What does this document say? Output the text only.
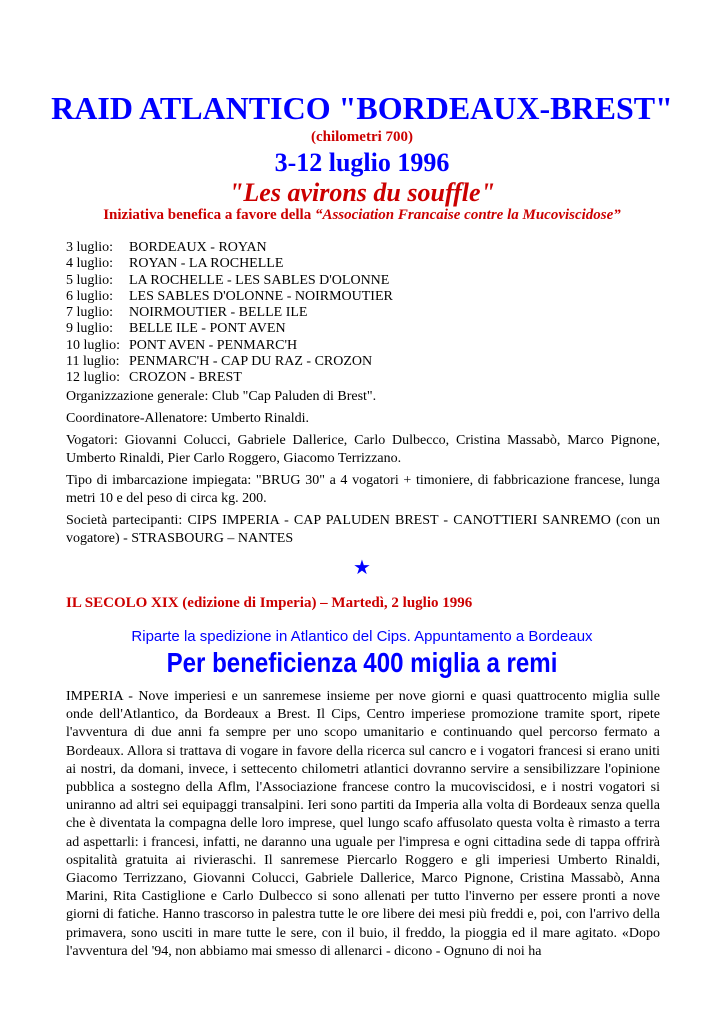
RAID ATLANTICO "BORDEAUX-BREST"
(chilometri 700)
3-12 luglio 1996
"Les avirons du souffle"
Iniziativa benefica a favore della “Association Francaise contre la Mucoviscidose”
3 luglio: BORDEAUX - ROYAN
4 luglio: ROYAN - LA ROCHELLE
5 luglio: LA ROCHELLE - LES SABLES D'OLONNE
6 luglio: LES SABLES D'OLONNE - NOIRMOUTIER
7 luglio: NOIRMOUTIER - BELLE ILE
9 luglio: BELLE ILE - PONT AVEN
10 luglio: PONT AVEN - PENMARC'H
11 luglio: PENMARC'H - CAP DU RAZ - CROZON
12 luglio: CROZON - BREST

Organizzazione generale: Club "Cap Paluden di Brest".

Coordinatore-Allenatore: Umberto Rinaldi.

Vogatori: Giovanni Colucci, Gabriele Dallerice, Carlo Dulbecco, Cristina Massabò, Marco Pignone, Umberto Rinaldi, Pier Carlo Roggero, Giacomo Terrizzano.

Tipo di imbarcazione impiegata: "BRUG 30" a 4 vogatori + timoniere, di fabbricazione francese, lunga metri 10 e del peso di circa kg. 200.

Società partecipanti: CIPS IMPERIA - CAP PALUDEN BREST - CANOTTIERI SANREMO (con un vogatore) - STRASBOURG – NANTES

★
IL SECOLO XIX (edizione di Imperia) – Martedì, 2 luglio 1996
Riparte la spedizione in Atlantico del Cips. Appuntamento a Bordeaux
Per beneficienza 400 miglia a remi

IMPERIA - Nove imperiesi e un sanremese insieme per nove giorni e quasi quattrocento miglia sulle onde dell'Atlantico, da Bordeaux a Brest. Il Cips, Centro imperiese promozione tramite sport, ripete l'avventura di due anni fa sempre per uno scopo umanitario e continuando quel percorso fermato a Bordeaux. Allora si trattava di vogare in favore della ricerca sul cancro e i vogatori francesi si erano uniti ai nostri, da domani, invece, i settecento chilometri atlantici dovranno servire a sensibilizzare l'opinione pubblica a sostegno della Aflm, l'Associazione francese contro la mucoviscidosi, e i nostri vogatori si uniranno ad altri sei equipaggi transalpini. Ieri sono partiti da Imperia alla volta di Bordeaux senza quella che è diventata la compagna delle loro imprese, quel lungo scafo affusolato questa volta è rimasto a terra ad aspettarli: i francesi, infatti, ne daranno una uguale per l'impresa e ogni cittadina sede di tappa offrirà ospitalità gratuita ai rivieraschi. Il sanremese Piercarlo Roggero e gli imperiesi Umberto Rinaldi, Giacomo Terrizzano, Giovanni Colucci, Gabriele Dallerice, Marco Pignone, Cristina Massabò, Anna Marini, Rita Castiglione e Carlo Dulbecco si sono allenati per tutto l'inverno per essere pronti a nove giorni di fatiche. Hanno trascorso in palestra tutte le ore libere dei mesi più freddi e, poi, con l'arrivo della primavera, sono usciti in mare tutte le sere, con il buio, il freddo, la pioggia ed il mare agitato. «Dopo l'avventura del '94, non abbiamo mai smesso di allenarci - dicono - Ognuno di noi ha
